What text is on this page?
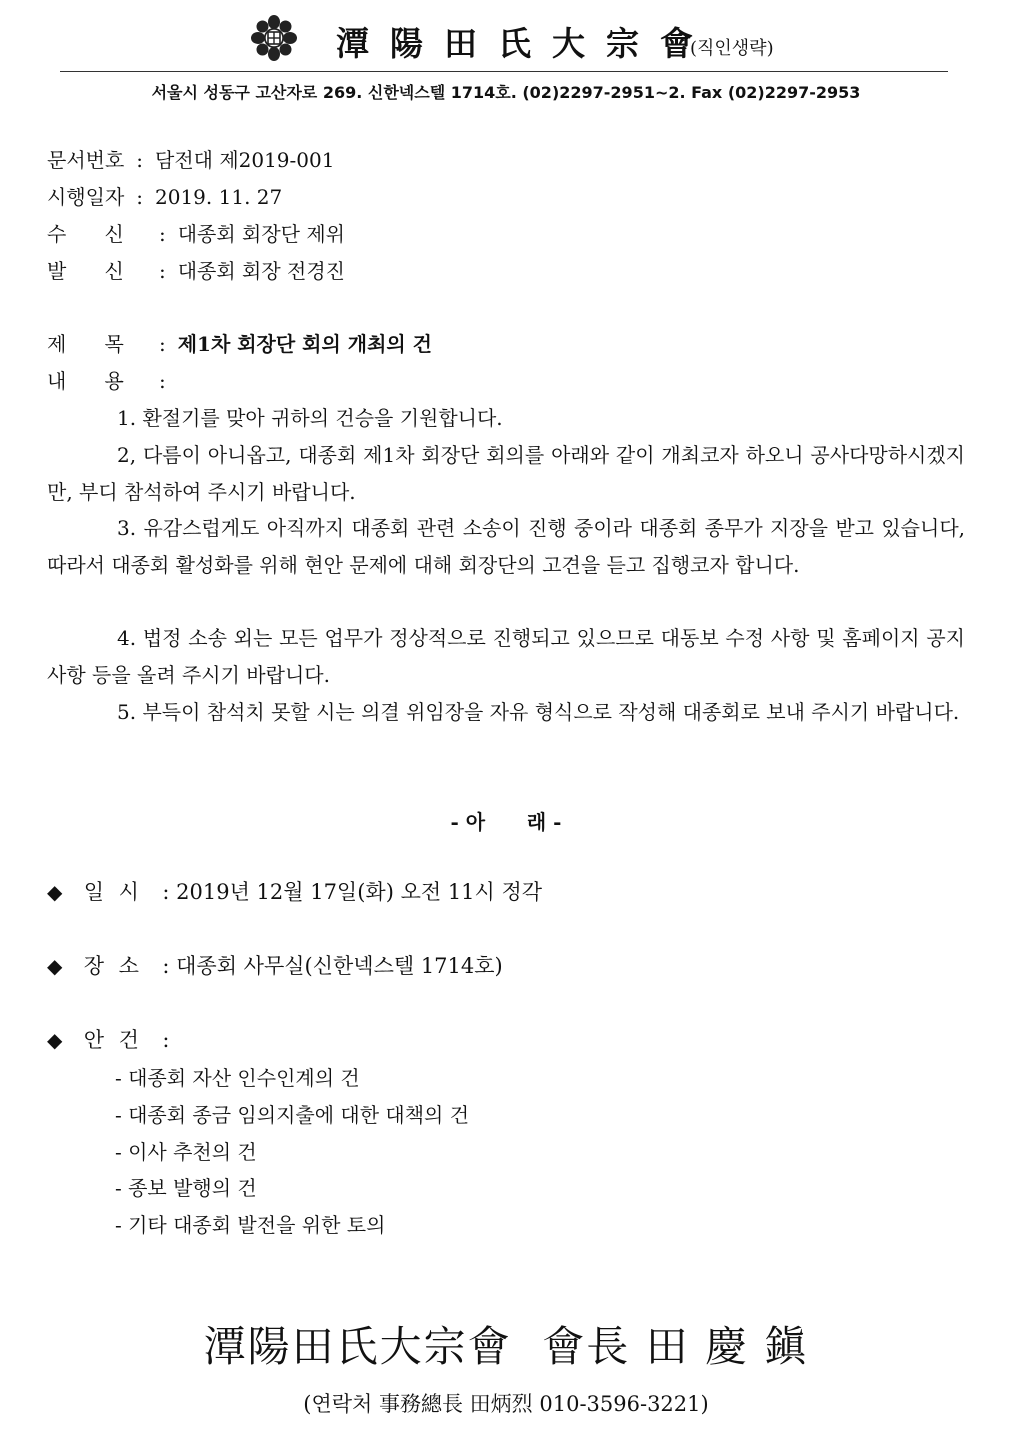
潭陽田氏大宗會
(직인생략)
서울시 성동구 고산자로 269. 신한넥스텔 1714호. (02)2297-2951~2. Fax (02)2297-2953
문서번호 : 담전대 제2019-001
시행일자 : 2019. 11. 27
수      신 : 대종회 회장단 제위
발      신 : 대종회 회장 전경진
제      목 : 제1차 회장단 회의 개최의 건
내      용 :
1. 환절기를 맞아 귀하의 건승을 기원합니다.
2, 다름이 아니옵고, 대종회 제1차 회장단 회의를 아래와 같이 개최코자 하오니 공사다망하시겠지만, 부디 참석하여 주시기 바랍니다.
3. 유감스럽게도 아직까지 대종회 관련 소송이 진행 중이라 대종회 종무가 지장을 받고 있습니다, 따라서 대종회 활성화를 위해 현안 문제에 대해 회장단의 고견을 듣고 집행코자 합니다.
4. 법정 소송 외는 모든 업무가 정상적으로 진행되고 있으므로 대동보 수정 사항 및 홈페이지 공지사항 등을 올려 주시기 바랍니다.
5. 부득이 참석치 못할 시는 의결 위임장을 자유 형식으로 작성해 대종회로 보내 주시기 바랍니다.
- 아      래 -
◆ 일 시 : 2019년 12월 17일(화) 오전 11시 정각
◆ 장 소 : 대종회 사무실(신한넥스텔 1714호)
◆ 안 건 :
- 대종회 자산 인수인계의 건
- 대종회 종금 임의지출에 대한 대책의 건
- 이사 추천의 건
- 종보 발행의 건
- 기타 대종회 발전을 위한 토의
潭陽田氏大宗會  會長 田 慶 鎭
(연락처 事務總長 田炳烈 010-3596-3221)
